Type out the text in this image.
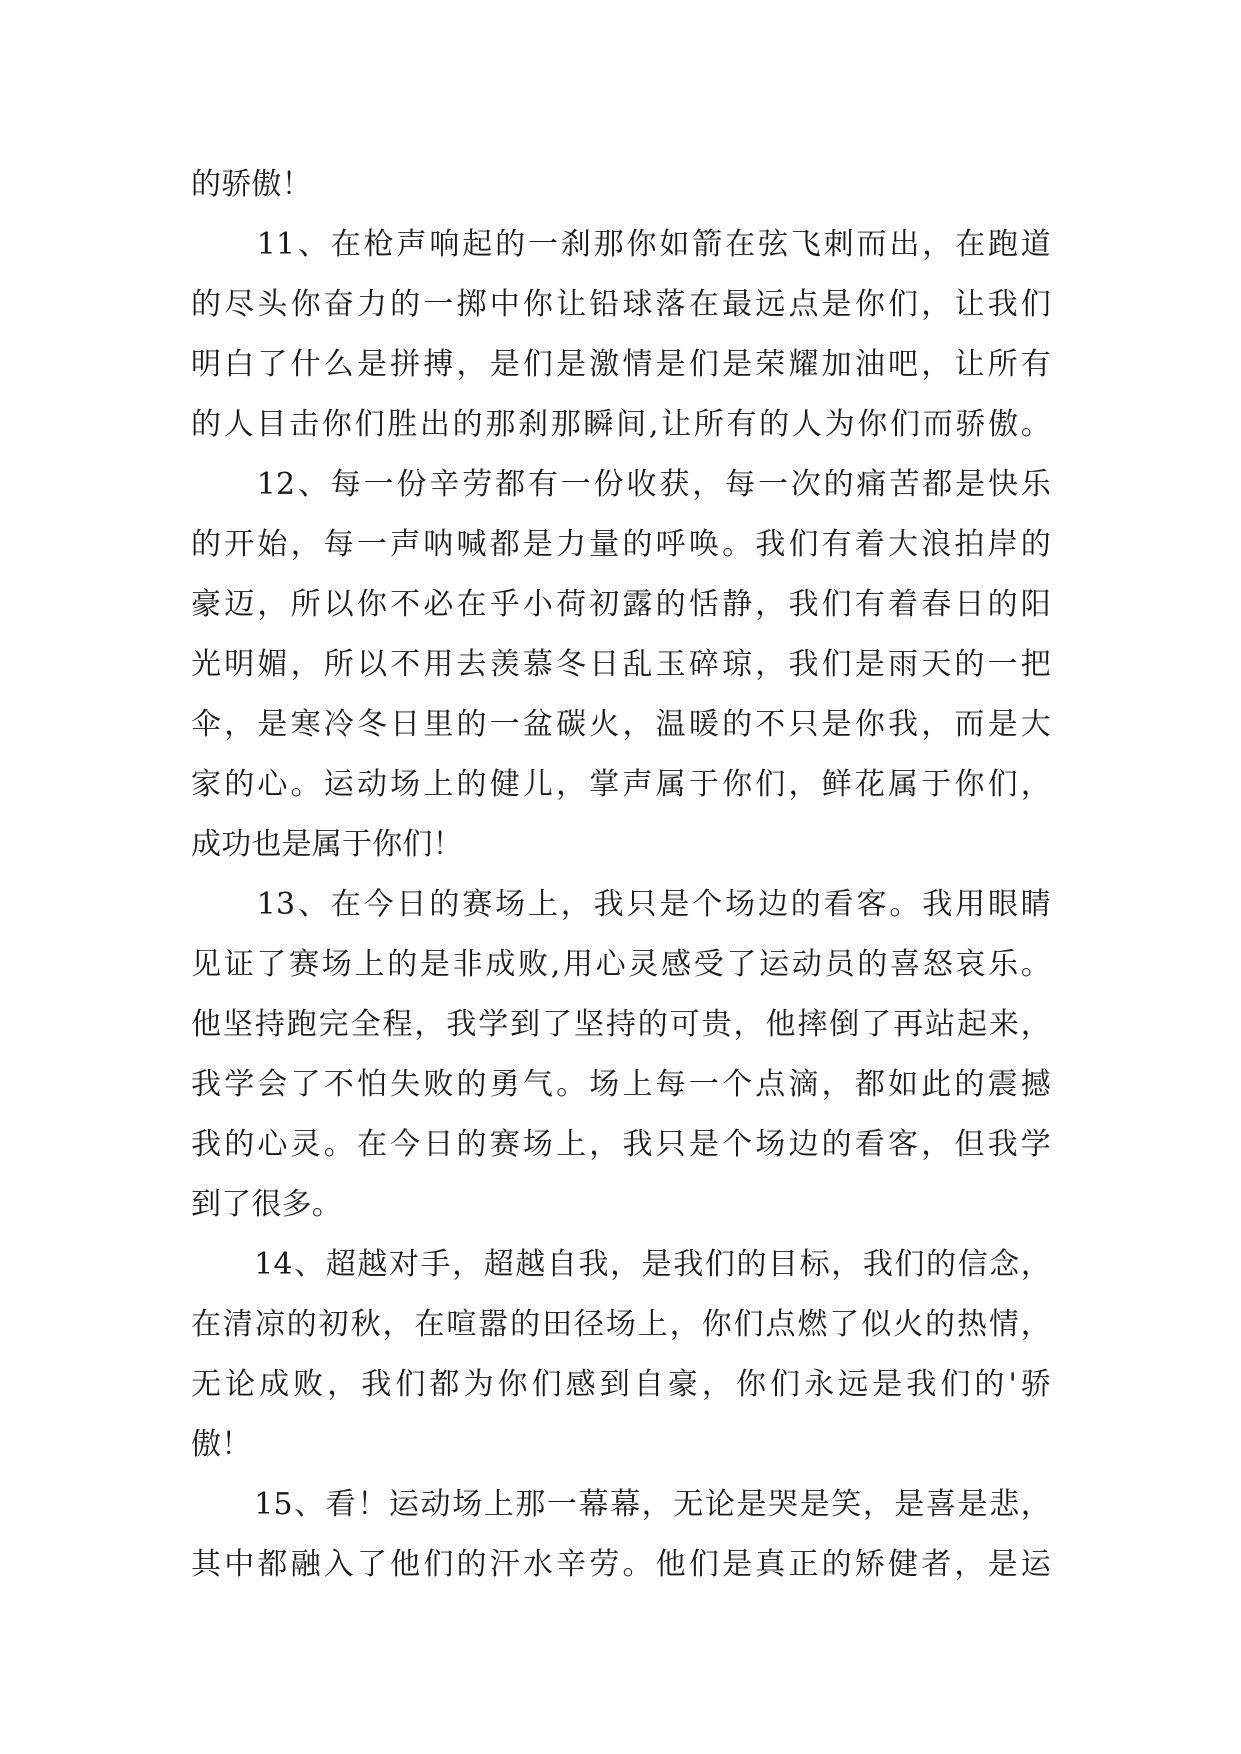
的骄傲！
　　11、在枪声响起的一刹那你如箭在弦飞刺而出，在跑道
的尽头你奋力的一掷中你让铅球落在最远点是你们，让我们
明白了什么是拼搏，是们是激情是们是荣耀加油吧，让所有
的人目击你们胜出的那刹那瞬间,让所有的人为你们而骄傲。
　　12、每一份辛劳都有一份收获，每一次的痛苦都是快乐
的开始，每一声呐喊都是力量的呼唤。我们有着大浪拍岸的
豪迈，所以你不必在乎小荷初露的恬静，我们有着春日的阳
光明媚，所以不用去羡慕冬日乱玉碎琼，我们是雨天的一把
伞，是寒冷冬日里的一盆碳火，温暖的不只是你我，而是大
家的心。运动场上的健儿，掌声属于你们，鲜花属于你们，
成功也是属于你们！
　　13、在今日的赛场上，我只是个场边的看客。我用眼睛
见证了赛场上的是非成败,用心灵感受了运动员的喜怒哀乐。
他坚持跑完全程，我学到了坚持的可贵，他摔倒了再站起来，
我学会了不怕失败的勇气。场上每一个点滴，都如此的震撼
我的心灵。在今日的赛场上，我只是个场边的看客，但我学
到了很多。
　　14、超越对手，超越自我，是我们的目标，我们的信念，
在清凉的初秋，在喧嚣的田径场上，你们点燃了似火的热情，
无论成败，我们都为你们感到自豪，你们永远是我们的'骄
傲！
　　15、看！运动场上那一幕幕，无论是哭是笑，是喜是悲，
其中都融入了他们的汗水辛劳。他们是真正的矫健者，是运
